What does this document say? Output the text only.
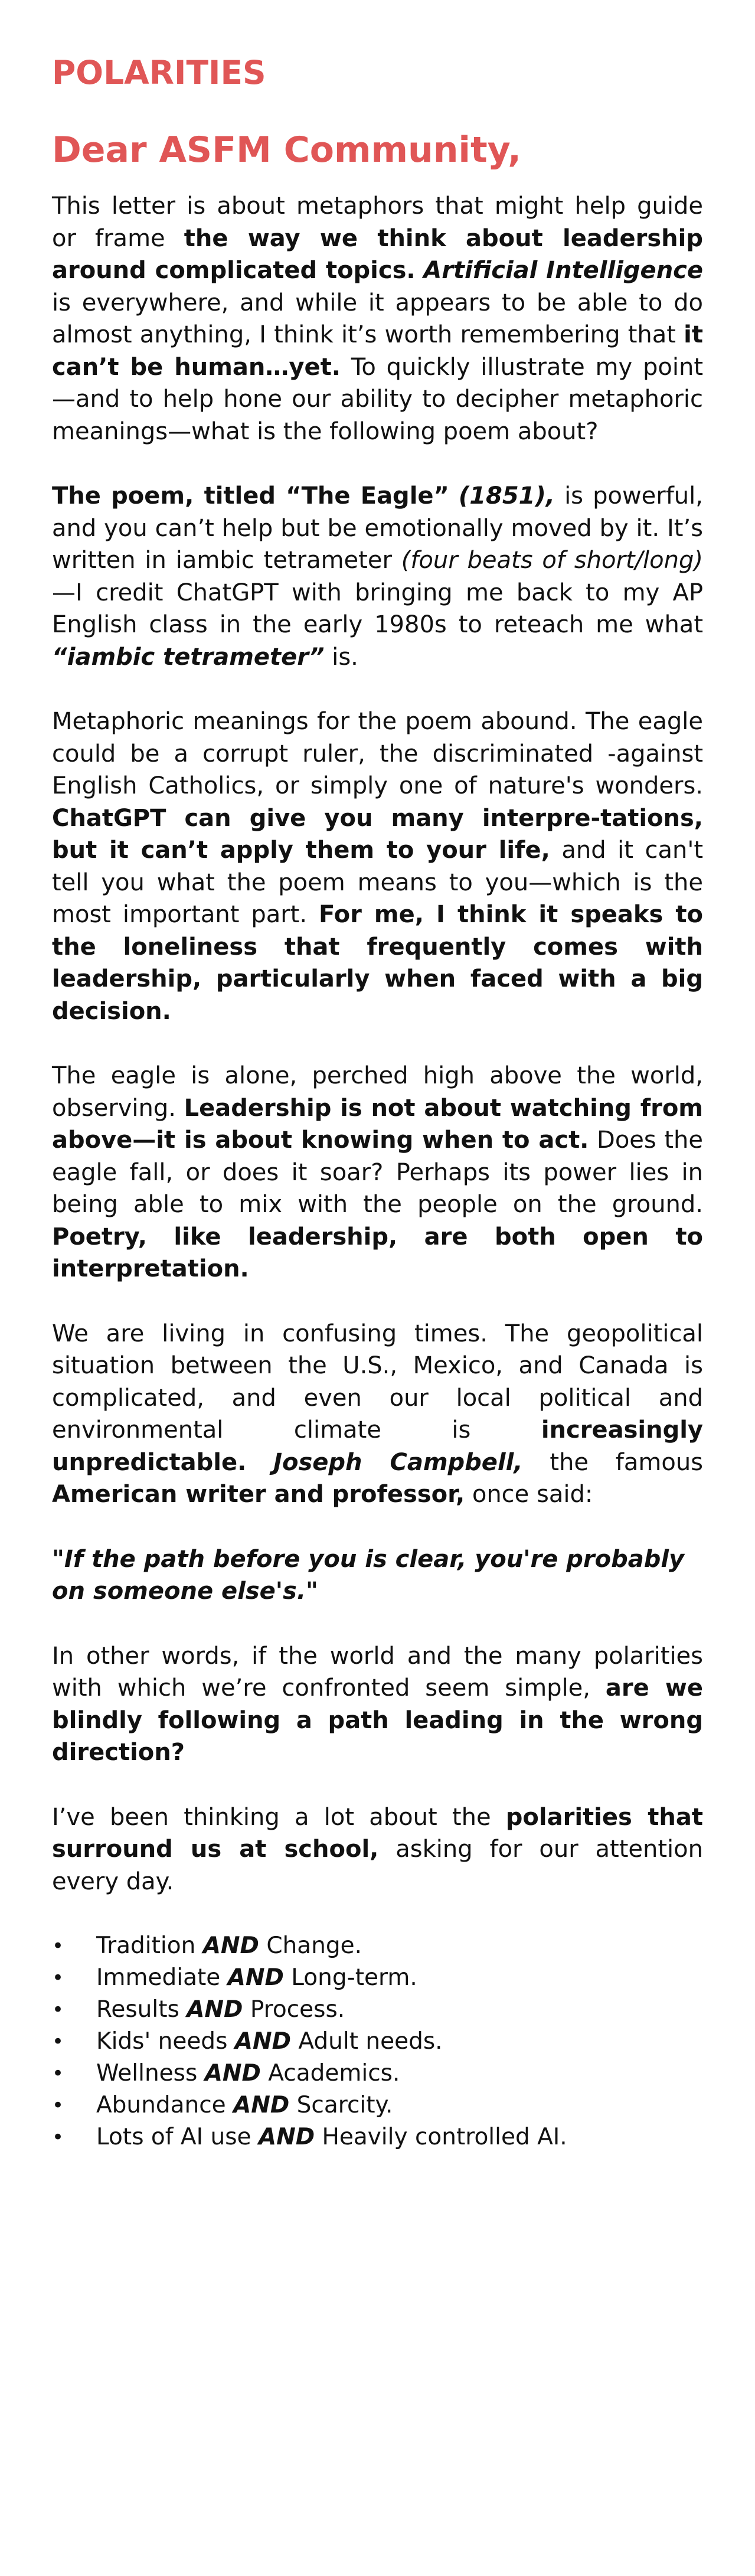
POLARITIES
Dear ASFM Community,

This letter is about metaphors that might help guide or frame the way we think about leadership around complicated topics. Artificial Intelligence is everywhere, and while it appears to be able to do almost anything, I think it’s worth remembering that it can’t be human…yet. To quickly illustrate my point—and to help hone our ability to decipher metaphoric meanings—what is the following poem about?

The poem, titled “The Eagle” (1851), is powerful, and you can’t help but be emotionally moved by it. It’s written in iambic tetrameter (four beats of short/long)—I credit ChatGPT with bringing me back to my AP English class in the early 1980s to reteach me what “iambic tetrameter” is.

Metaphoric meanings for the poem abound. The eagle could be a corrupt ruler, the discriminated -against English Catholics, or simply one of nature's wonders. ChatGPT can give you many interpre-tations, but it can’t apply them to your life, and it can't tell you what the poem means to you—which is the most important part. For me, I think it speaks to the loneliness that frequently comes with leadership, particularly when faced with a big decision.

The eagle is alone, perched high above the world, observing. Leadership is not about watching from above—it is about knowing when to act. Does the eagle fall, or does it soar? Perhaps its power lies in being able to mix with the people on the ground. Poetry, like leadership, are both open to interpretation.

We are living in confusing times. The geopolitical situation between the U.S., Mexico, and Canada is complicated, and even our local political and environmental climate is increasingly unpredictable. Joseph Campbell, the famous American writer and professor, once said:

"If the path before you is clear, you're probably on someone else's."

In other words, if the world and the many polarities with which we’re confronted seem simple, are we blindly following a path leading in the wrong direction?

I’ve been thinking a lot about the polarities that surround us at school, asking for our attention every day.

•	Tradition AND Change.
•	Immediate AND Long-term.
•	Results AND Process.
•	Kids' needs AND Adult needs.
•	Wellness AND Academics.
•	Abundance AND Scarcity.
•	Lots of AI use AND Heavily controlled AI.
